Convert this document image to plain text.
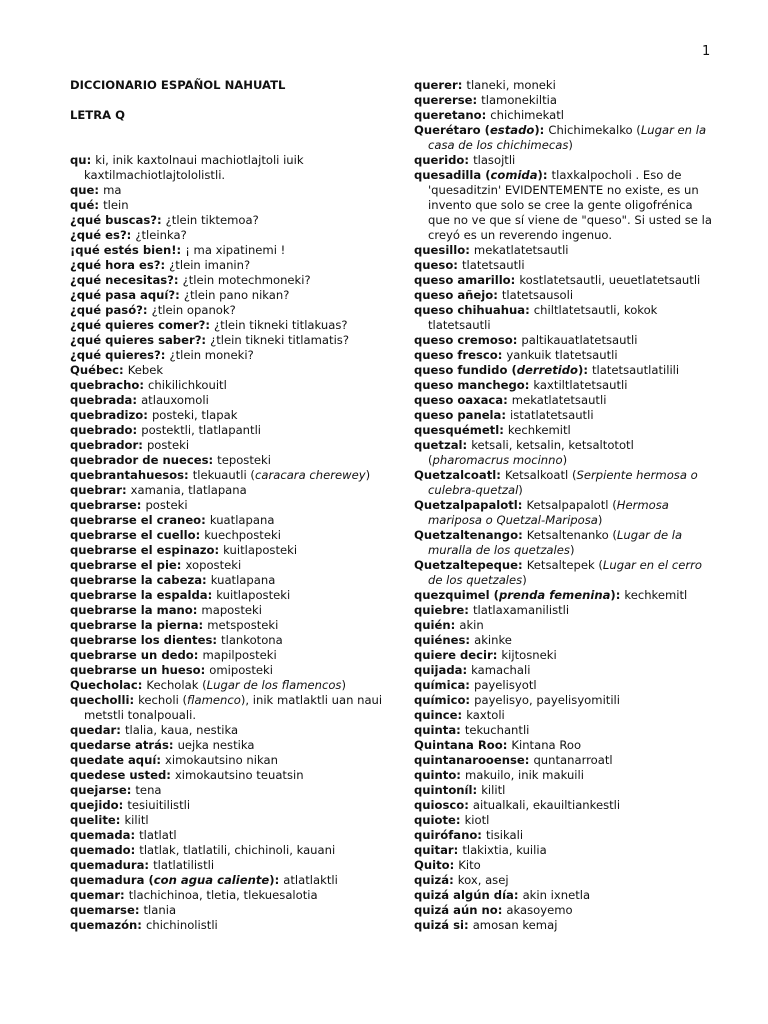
1

DICCIONARIO ESPAÑOL NAHUATL

LETRA Q

qu: ki, inik kaxtolnaui machiotlajtoli iuik kaxtilmachiotlajtololistli.

que: ma

qué: tlein

¿qué buscas?: ¿tlein tiktemoa?

¿qué es?: ¿tleinka?

¡qué estés bien!: ¡ ma xipatinemi !

¿qué hora es?: ¿tlein imanin?

¿qué necesitas?: ¿tlein motechmoneki?

¿qué pasa aquí?: ¿tlein pano nikan?

¿qué pasó?: ¿tlein opanok?

¿qué quieres comer?: ¿tlein tikneki titlakuas?

¿qué quieres saber?: ¿tlein tikneki titlamatis?

¿qué quieres?: ¿tlein moneki?

Québec: Kebek

quebracho: chikilichkouitl

quebrada: atlauxomoli

quebradizo: posteki, tlapak

quebrado: postektli, tlatlapantli

quebrador: posteki

quebrador de nueces: teposteki

quebrantahuesos: tlekuautli (caracara cherewey)

quebrar: xamania, tlatlapana

quebrarse: posteki

quebrarse el craneo: kuatlapana

quebrarse el cuello: kuechposteki

quebrarse el espinazo: kuitlaposteki

quebrarse el pie: xoposteki

quebrarse la cabeza: kuatlapana

quebrarse la espalda: kuitlaposteki

quebrarse la mano: maposteki

quebrarse la pierna: metsposteki

quebrarse los dientes: tlankotona

quebrarse un dedo: mapilposteki

quebrarse un hueso: omiposteki

Quecholac: Kecholak (Lugar de los flamencos)

quecholli: kecholi (flamenco), inik matlaktli uan naui metstli tonalpouali.

quedar: tlalia, kaua, nestika

quedarse atrás: uejka nestika

quedate aquí: ximokautsino nikan

quedese usted: ximokautsino teuatsin

quejarse: tena

quejido: tesiuitilistli

quelite: kilitl

quemada: tlatlatl

quemado: tlatlak, tlatlatili, chichinoli, kauani

quemadura: tlatlatilistli

quemadura (con agua caliente): atlatlaktli

quemar: tlachichinoa, tletia, tlekuesalotia

quemarse: tlania

quemazón: chichinolistli

querer: tlaneki, moneki

quererse: tlamonekiltia

queretano: chichimekatl

Querétaro (estado): Chichimekalko (Lugar en la casa de los chichimecas)

querido: tlasojtli

quesadilla (comida): tlaxkalpocholi . Eso de 'quesaditzin' EVIDENTEMENTE no existe, es un invento que solo se cree la gente oligofrénica que no ve que sí viene de "queso". Si usted se la creyó es un reverendo ingenuo.

quesillo: mekatlatetsautli

queso: tlatetsautli

queso amarillo: kostlatetsautli, ueuetlatetsautli

queso añejo: tlatetsausoli

queso chihuahua: chiltlatetsautli, kokok tlatetsautli

queso cremoso: paltikauatlatetsautli

queso fresco: yankuik tlatetsautli

queso fundido (derretido): tlatetsautlatilili

queso manchego: kaxtiltlatetsautli

queso oaxaca: mekatlatetsautli

queso panela: istatlatetsautli

quesquémetl: kechkemitl

quetzal: ketsali, ketsalin, ketsaltototl (pharomacrus mocinno)

Quetzalcoatl: Ketsalkoatl (Serpiente hermosa o culebra-quetzal)

Quetzalpapalotl: Ketsalpapalotl (Hermosa mariposa o Quetzal-Mariposa)

Quetzaltenango: Ketsaltenanko (Lugar de la muralla de los quetzales)

Quetzaltepeque: Ketsaltepek (Lugar en el cerro de los quetzales)

quezquimel (prenda femenina): kechkemitl

quiebre: tlatlaxamanilistli

quién: akin

quiénes: akinke

quiere decir: kijtosneki

quijada: kamachali

química: payelisyotl

químico: payelisyo, payelisyomitili

quince: kaxtoli

quinta: tekuchantli

Quintana Roo: Kintana Roo

quintanarooense: quntanarroatl

quinto: makuilo, inik makuili

quintoníl: kilitl

quiosco: aitualkali, ekauiltiankestli

quiote: kiotl

quirófano: tisikali

quitar: tlakixtia, kuilia

Quito: Kito

quizá: kox, asej

quizá algún día: akin ixnetla

quizá aún no: akasoyemo

quizá si: amosan kemaj
